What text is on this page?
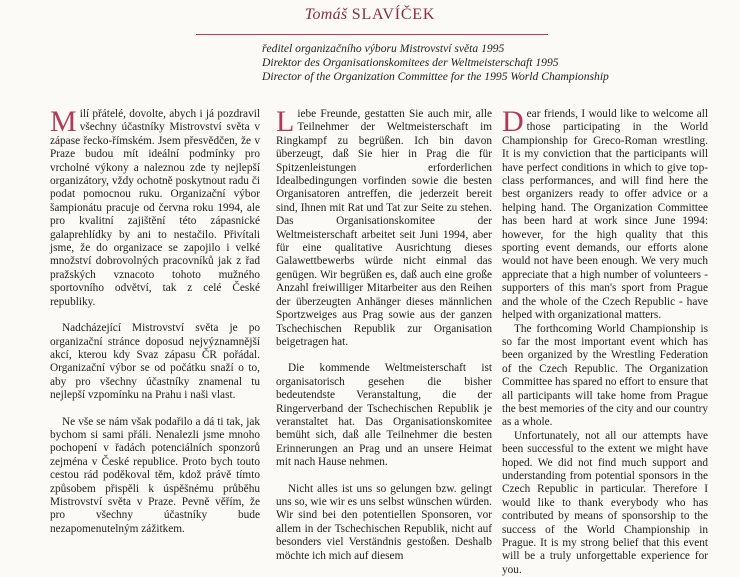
Tomáš SLAVÍČEK
ředitel organizačního výboru Mistrovství světa 1995
Direktor des Organisationskomitees der Weltmeisterschaft 1995
Director of the Organization Committee for the 1995 World Championship

Milí přátelé, dovolte, abych i já pozdravil všechny účastníky Mistrovství světa v zápase řecko-římském. Jsem přesvědčen, že v Praze budou mít ideální podmínky pro vrcholné výkony a naleznou zde ty nejlepší organizátory, vždy ochotně poskytnout radu či podat pomocnou ruku. Organizační výbor šampionátu pracuje od června roku 1994, ale pro kvalitní zajištění této zápasnické galaprehlídky by ani to nestačilo. Přivítali jsme, že do organizace se zapojilo i velké množství dobrovolných pracovníků jak z řad pražských vznacoto tohoto mužného sportovního odvětví, tak z celé České republiky.

Nadcházející Mistrovství světa je po organizační stránce doposud nejvýznamnější akcí, kterou kdy Svaz zápasu ČR pořádal. Organizační výbor se od počátku snaží o to, aby pro všechny účastníky znamenal tu nejlepší vzpomínku na Prahu i naši vlast.

Ne vše se nám však podařilo a dá ti tak, jak bychom si sami přáli. Nenalezli jsme mnoho pochopení v řadách potenciálních sponzorů zejména v České republice. Proto bych touto cestou rád poděkoval těm, kdož právě tímto způsobem přispěli k úspěšnému průběhu Mistrovství světa v Praze. Pevně věřím, že pro všechny účastníky bude nezapomenutelným zážitkem.

Liebe Freunde, gestatten Sie auch mir, alle Teilnehmer der Weltmeisterschaft im Ringkampf zu begrüßen. Ich bin davon überzeugt, daß Sie hier in Prag die für Spitzenleistungen erforderlichen Idealbedingungen vorfinden sowie die besten Organisatoren antreffen, die jederzeit bereit sind, Ihnen mit Rat und Tat zur Seite zu stehen. Das Organisationskomitee der Weltmeisterschaft arbeitet seit Juni 1994, aber für eine qualitative Ausrichtung dieses Galawettbewerbs würde nicht einmal das genügen. Wir begrüßen es, daß auch eine große Anzahl freiwilliger Mitarbeiter aus den Reihen der überzeugten Anhänger dieses männlichen Sportzweiges aus Prag sowie aus der ganzen Tschechischen Republik zur Organisation beigetragen hat.

Die kommende Weltmeisterschaft ist organisatorisch gesehen die bisher bedeutendste Veranstaltung, die der Ringerverband der Tschechischen Republik je veranstaltet hat. Das Organisationskomitee bemüht sich, daß alle Teilnehmer die besten Erinnerungen an Prag und an unsere Heimat mit nach Hause nehmen.

Nicht alles ist uns so gelungen bzw. gelingt uns so, wie wir es uns selbst wünschen würden. Wir sind bei den potentiellen Sponsoren, vor allem in der Tschechischen Republik, nicht auf besonders viel Verständnis gestoßen. Deshalb möchte ich mich auf diesem

Dear friends, I would like to welcome all those participating in the World Championship for Greco-Roman wrestling. It is my conviction that the participants will have perfect conditions in which to give top-class performances, and will find here the best organizers ready to offer advice or a helping hand. The Organization Committee has been hard at work since June 1994: however, for the high quality that this sporting event demands, our efforts alone would not have been enough. We very much appreciate that a high number of volunteers - supporters of this man's sport from Prague and the whole of the Czech Republic - have helped with organizational matters.

The forthcoming World Championship is so far the most important event which has been organized by the Wrestling Federation of the Czech Republic. The Organization Committee has spared no effort to ensure that all participants will take home from Prague the best memories of the city and our country as a whole.

Unfortunately, not all our attempts have been successful to the extent we might have hoped. We did not find much support and understanding from potential sponsors in the Czech Republic in particular. Therefore I would like to thank everybody who has contributed by means of sponsorship to the success of the World Championship in Prague. It is my strong belief that this event will be a truly unforgettable experience for you.
